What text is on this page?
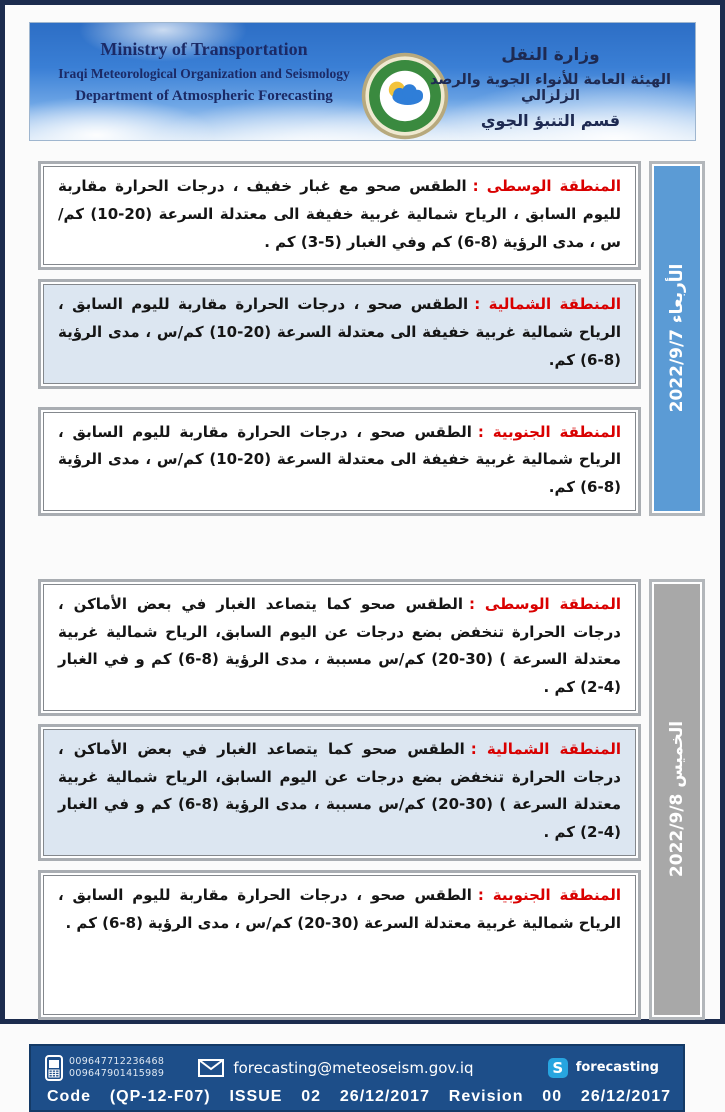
Ministry of Transportation
Iraqi Meteorological Organization and Seismology
Department of Atmospheric Forecasting
وزارة النقل
الهيئة العامة للأنواء الجوية والرصد الزلزالي
قسم التنبؤ الجوي

المنطقة الوسطى :الطقس صحو مع غبار خفيف ، درجات الحرارة مقاربة لليوم السابق ، الرياح شمالية غربية خفيفة الى معتدلة السرعة (20-10) كم/س ، مدى الرؤية (8-6) كم وفي الغبار (5-3) كم .

المنطقة الشمالية :الطقس صحو ، درجات الحرارة مقاربة لليوم السابق ، الرياح شمالية غربية خفيفة الى معتدلة السرعة (20-10) كم/س ، مدى الرؤية (8-6) كم.

المنطقة الجنوبية :الطقس صحو ، درجات الحرارة مقاربة لليوم السابق ، الرياح شمالية غربية خفيفة الى معتدلة السرعة (20-10) كم/س ، مدى الرؤية (8-6) كم.

الأربعاء 2022/9/7

المنطقة الوسطى :الطقس صحو كما يتصاعد الغبار في بعض الأماكن ، درجات الحرارة تنخفض بضع درجات عن اليوم السابق، الرياح شمالية غربية معتدلة السرعة ) (30-20) كم/س مسببة ، مدى الرؤية (8-6) كم و في الغبار (4-2) كم .

المنطقة الشمالية :الطقس صحو كما يتصاعد الغبار في بعض الأماكن ، درجات الحرارة تنخفض بضع درجات عن اليوم السابق، الرياح شمالية غربية معتدلة السرعة ) (30-20) كم/س مسببة ، مدى الرؤية (8-6) كم و في الغبار (4-2) كم .

المنطقة الجنوبية :الطقس صحو ، درجات الحرارة مقاربة لليوم السابق ، الرياح شمالية غربية معتدلة السرعة (30-20) كم/س ، مدى الرؤية (8-6) كم .

الخميس 2022/9/8
009647712236468
009647901415989	forecasting@meteoseism.gov.iq	S forecasting
Code (QP-12-F07) ISSUE 02 26/12/2017 Revision 00 26/12/2017
